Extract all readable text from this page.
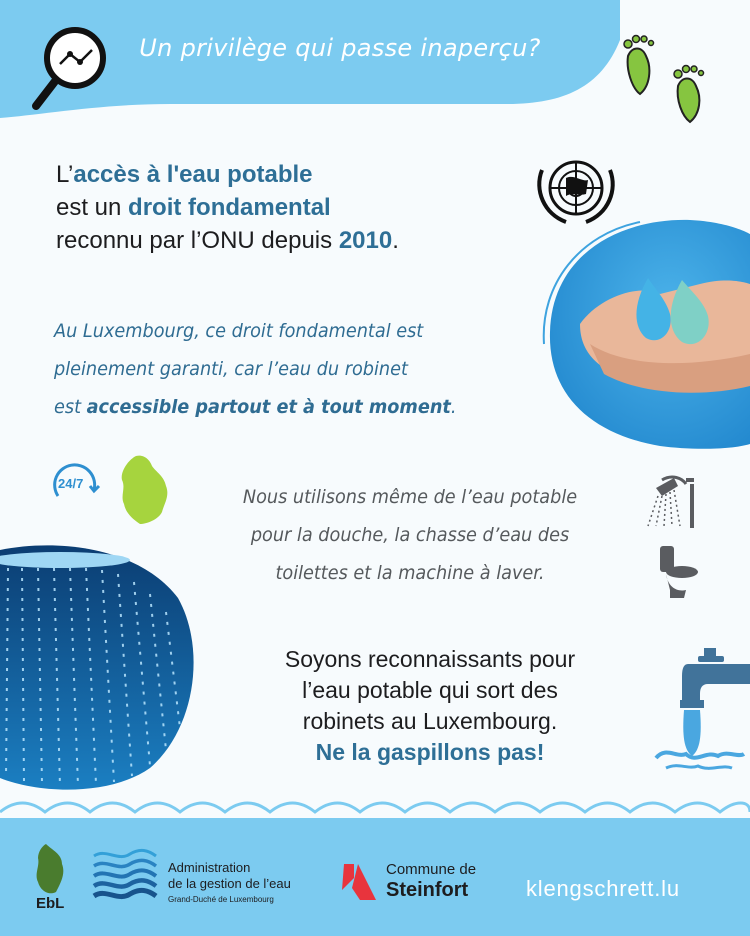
Un privilège qui passe inaperçu?
L’accès à l'eau potable
est un droit fondamental
reconnu par l’ONU depuis 2010.
Au Luxembourg, ce droit fondamental est
pleinement garanti, car l’eau du robinet
est accessible partout et à tout moment.
24/7
Nous utilisons même de l’eau potable
pour la douche, la chasse d’eau des
toilettes et la machine à laver.
Soyons reconnaissants pour
l’eau potable qui sort des
robinets au Luxembourg.
Ne la gaspillons pas!
EbL
Administration
de la gestion de l’eau
Grand-Duché de Luxembourg
Commune de
Steinfort	klengschrett.lu
